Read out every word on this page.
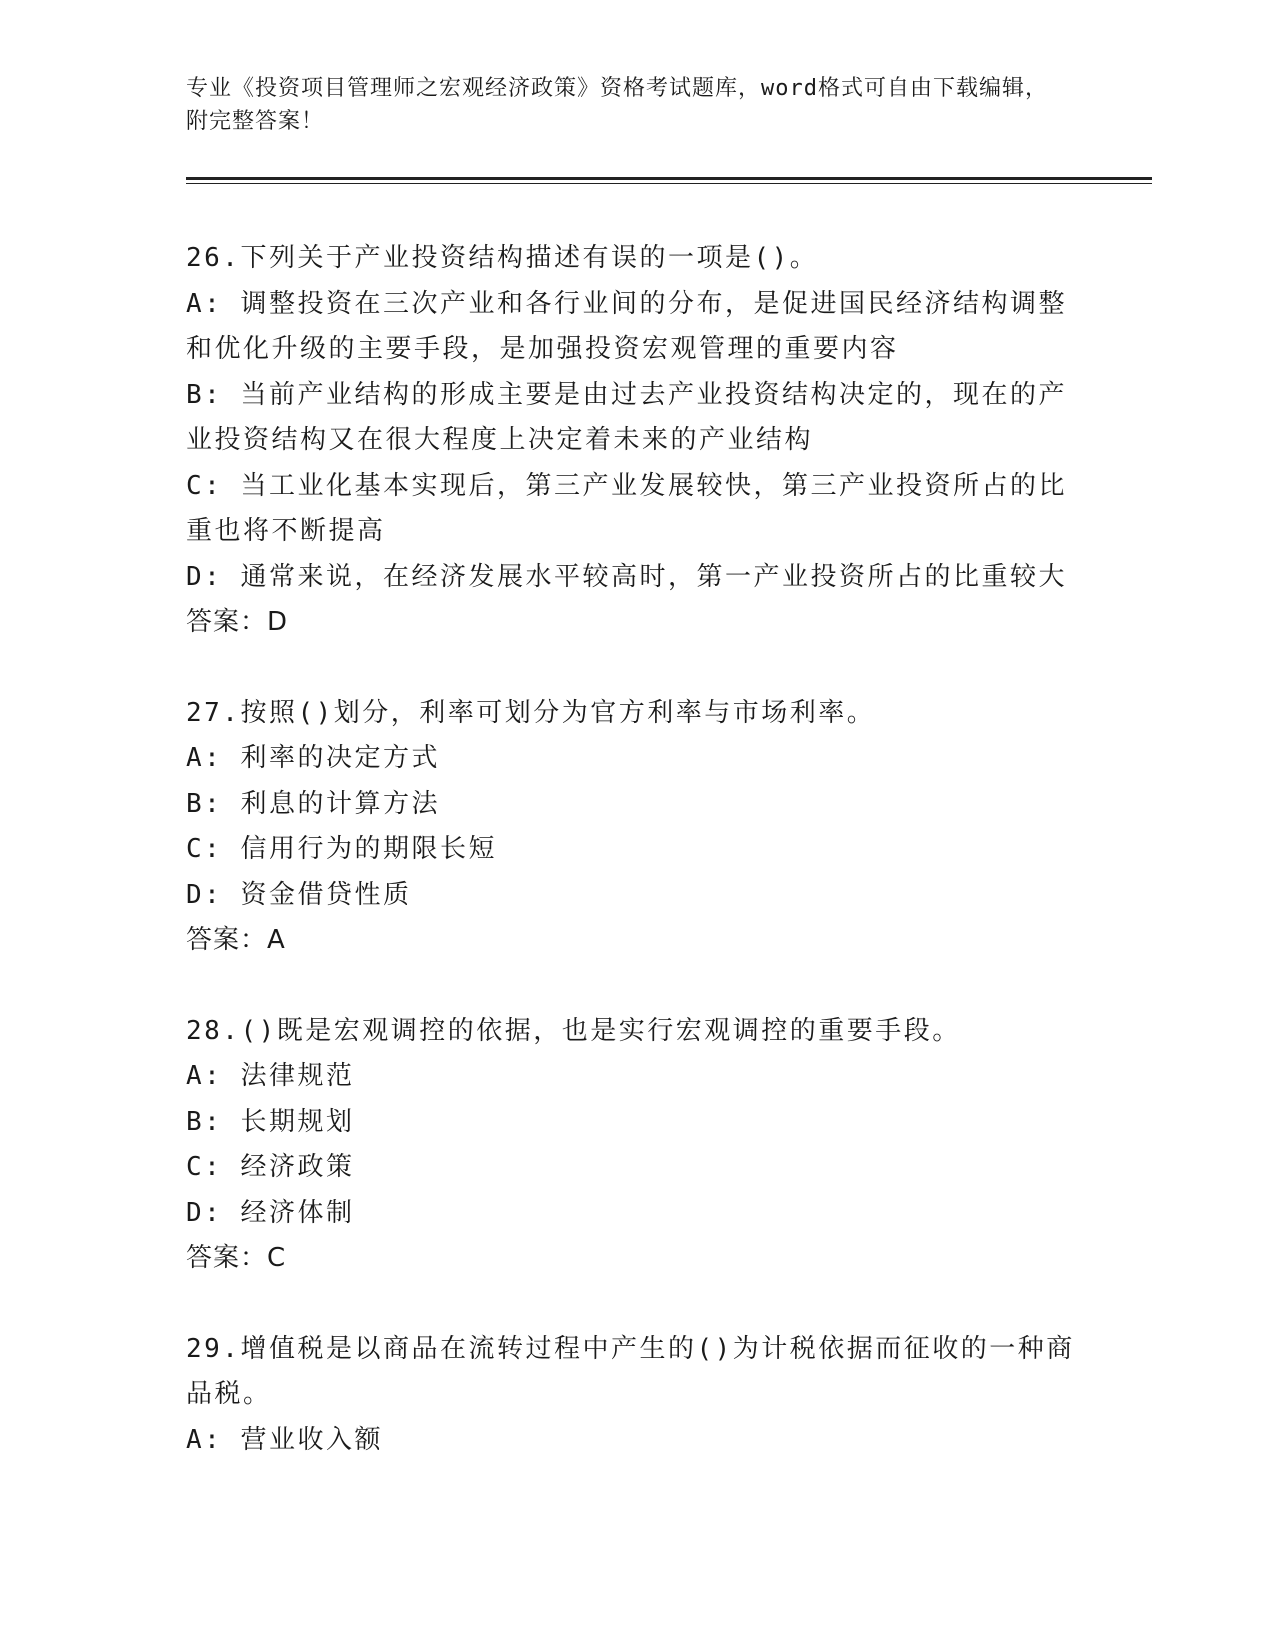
专业《投资项目管理师之宏观经济政策》资格考试题库，word格式可自由下载编辑，附完整答案！
26.下列关于产业投资结构描述有误的一项是()。
A: 调整投资在三次产业和各行业间的分布，是促进国民经济结构调整和优化升级的主要手段，是加强投资宏观管理的重要内容
B: 当前产业结构的形成主要是由过去产业投资结构决定的，现在的产业投资结构又在很大程度上决定着未来的产业结构
C: 当工业化基本实现后，第三产业发展较快，第三产业投资所占的比重也将不断提高
D: 通常来说，在经济发展水平较高时，第一产业投资所占的比重较大
答案：D
27.按照()划分，利率可划分为官方利率与市场利率。
A: 利率的决定方式
B: 利息的计算方法
C: 信用行为的期限长短
D: 资金借贷性质
答案：A
28.()既是宏观调控的依据，也是实行宏观调控的重要手段。
A: 法律规范
B: 长期规划
C: 经济政策
D: 经济体制
答案：C
29.增值税是以商品在流转过程中产生的()为计税依据而征收的一种商品税。
A: 营业收入额
